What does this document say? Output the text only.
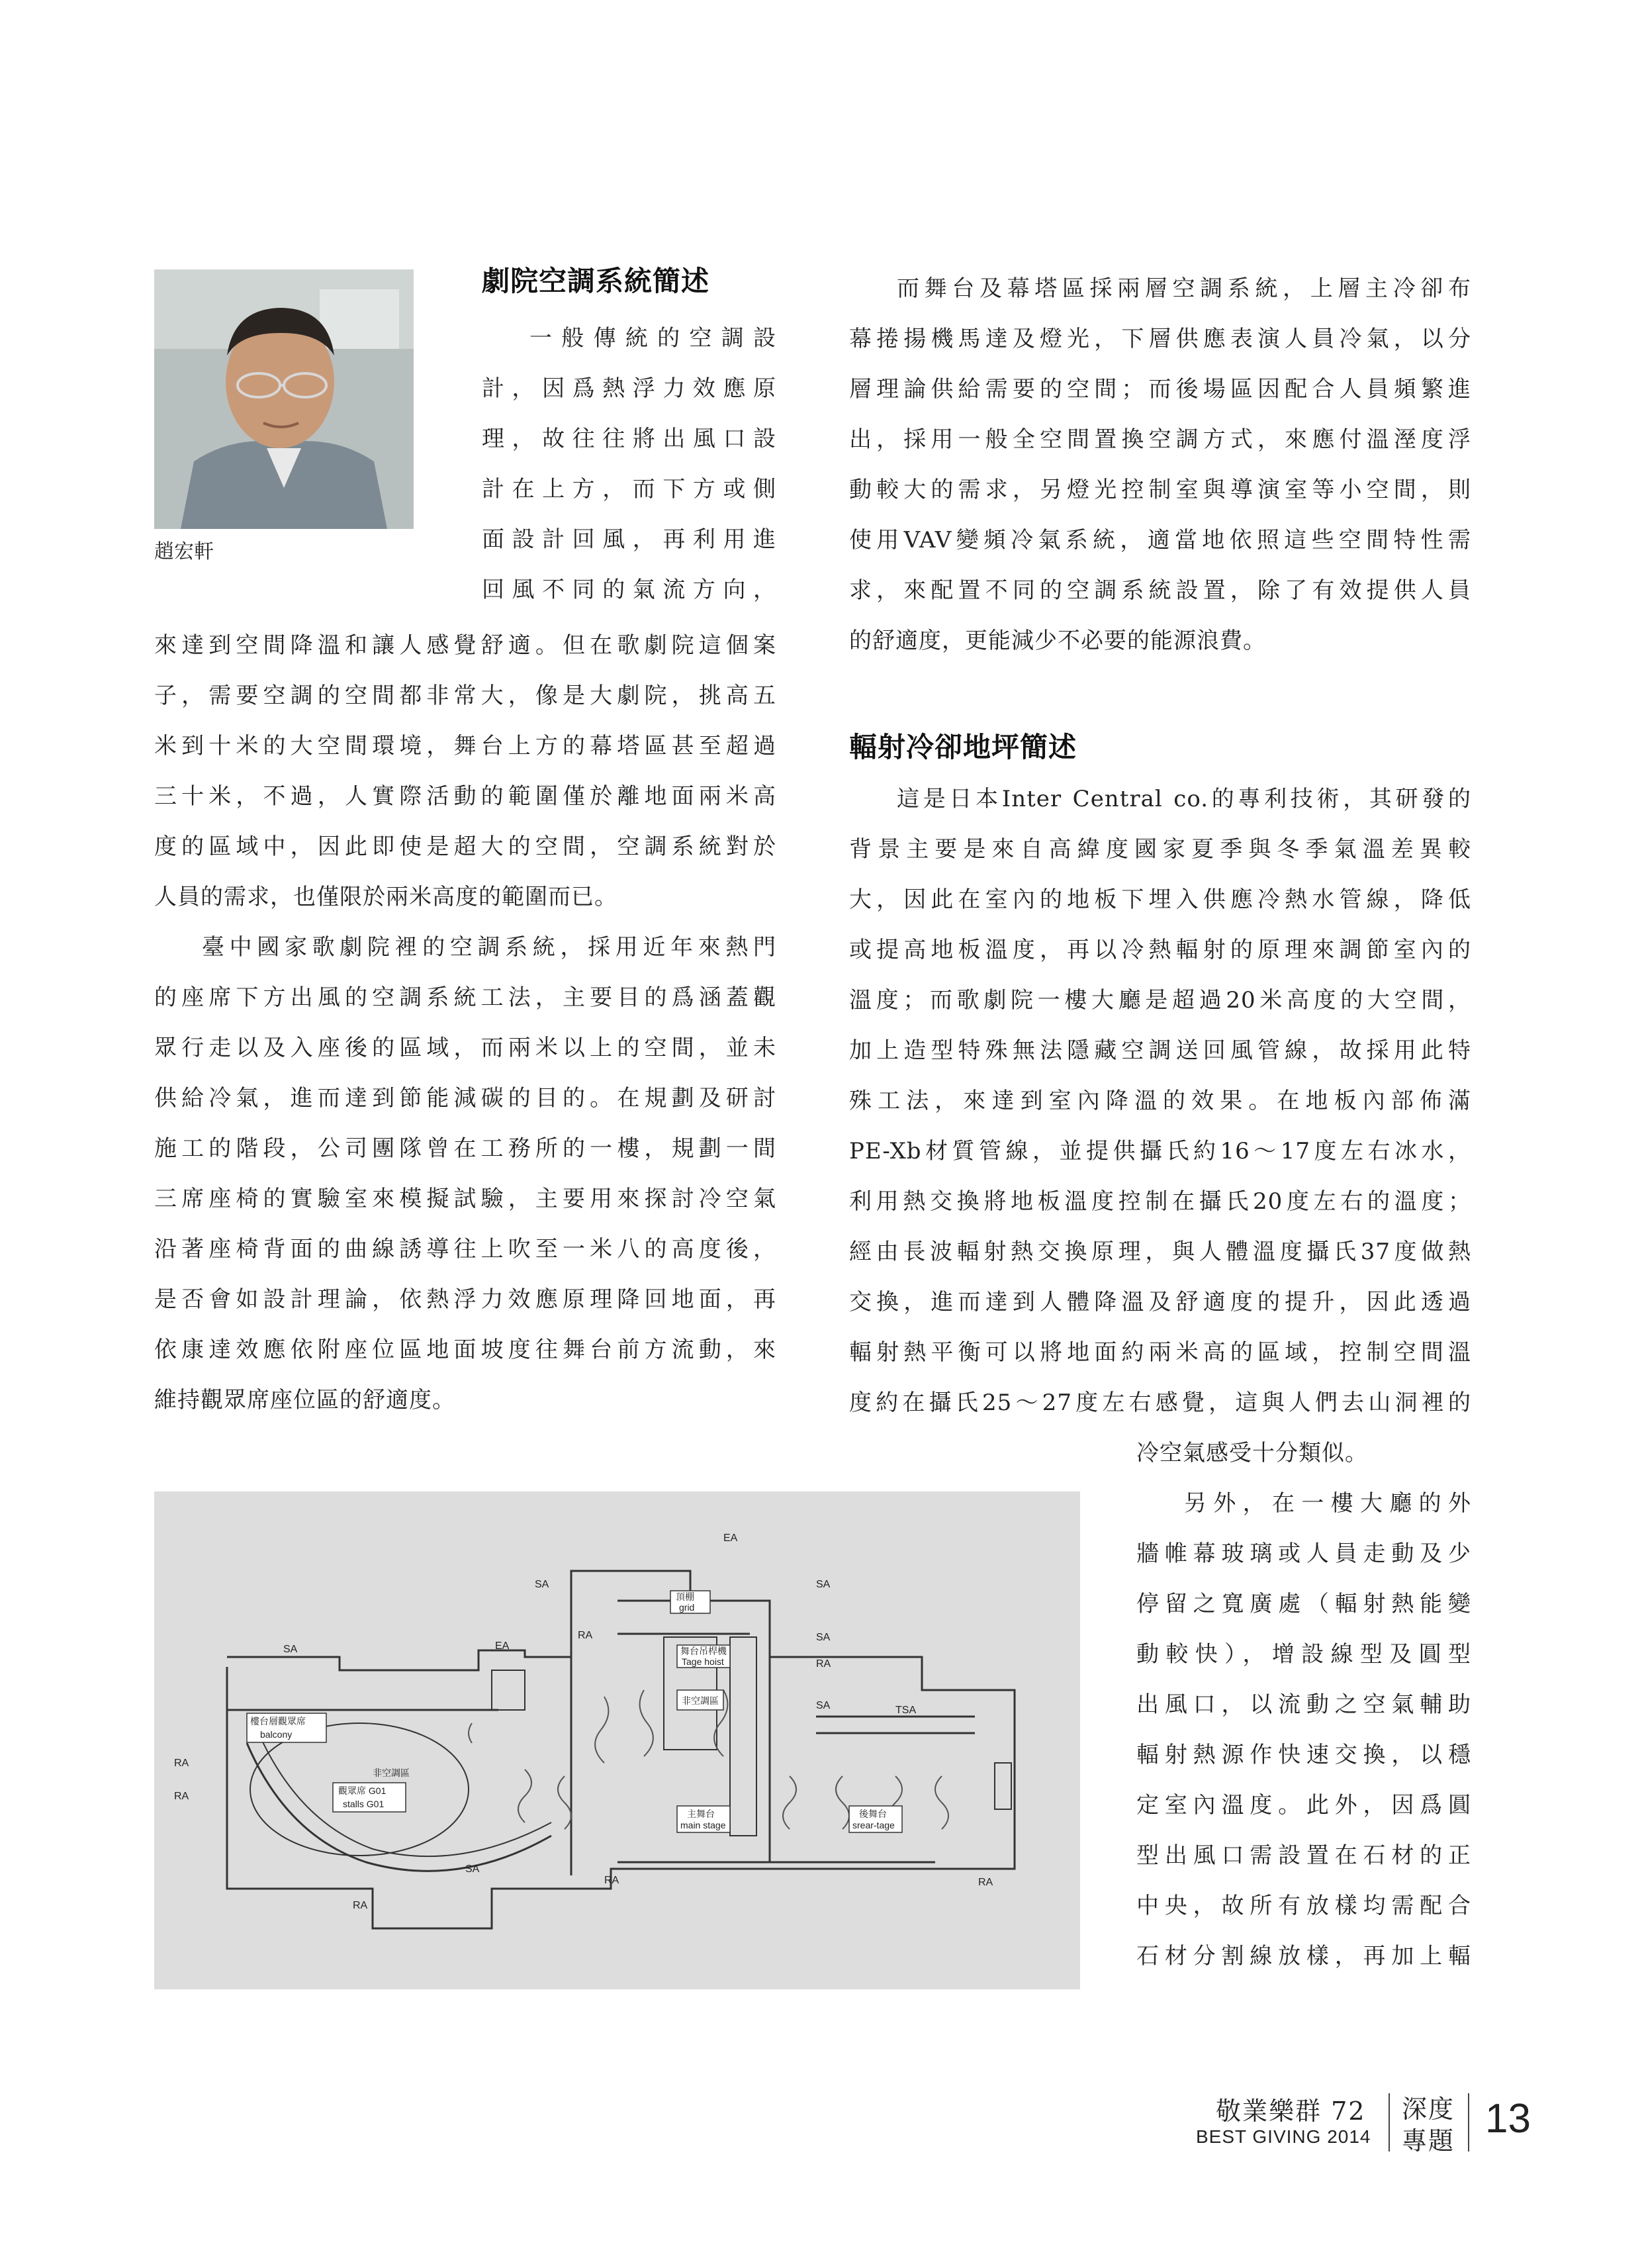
趙宏軒
劇院空調系統簡述

一般傳統的空調設

計，因爲熱浮力效應原

理，故往往將出風口設

計在上方，而下方或側

面設計回風，再利用進

回風不同的氣流方向，

來達到空間降溫和讓人感覺舒適。但在歌劇院這個案

子，需要空調的空間都非常大，像是大劇院，挑高五

米到十米的大空間環境，舞台上方的幕塔區甚至超過

三十米，不過，人實際活動的範圍僅於離地面兩米高

度的區域中，因此即使是超大的空間，空調系統對於

人員的需求，也僅限於兩米高度的範圍而已。

臺中國家歌劇院裡的空調系統，採用近年來熱門

的座席下方出風的空調系統工法，主要目的爲涵蓋觀

眾行走以及入座後的區域，而兩米以上的空間，並未

供給冷氣，進而達到節能減碳的目的。在規劃及研討

施工的階段，公司團隊曾在工務所的一樓，規劃一間

三席座椅的實驗室來模擬試驗，主要用來探討冷空氣

沿著座椅背面的曲線誘導往上吹至一米八的高度後，

是否會如設計理論，依熱浮力效應原理降回地面，再

依康達效應依附座位區地面坡度往舞台前方流動，來

維持觀眾席座位區的舒適度。

而舞台及幕塔區採兩層空調系統，上層主冷卻布

幕捲揚機馬達及燈光，下層供應表演人員冷氣，以分

層理論供給需要的空間；而後場區因配合人員頻繁進

出，採用一般全空間置換空調方式，來應付溫溼度浮

動較大的需求，另燈光控制室與導演室等小空間，則

使用VAV變頻冷氣系統，適當地依照這些空間特性需

求，來配置不同的空調系統設置，除了有效提供人員

的舒適度，更能減少不必要的能源浪費。

輻射冷卻地坪簡述

這是日本Inter Central co.的專利技術，其研發的

背景主要是來自高緯度國家夏季與冬季氣溫差異較

大，因此在室內的地板下埋入供應冷熱水管線，降低

或提高地板溫度，再以冷熱輻射的原理來調節室內的

溫度；而歌劇院一樓大廳是超過20米高度的大空間，

加上造型特殊無法隱藏空調送回風管線，故採用此特

殊工法，來達到室內降溫的效果。在地板內部佈滿

PE-Xb材質管線，並提供攝氏約16～17度左右冰水，

利用熱交換將地板溫度控制在攝氏20度左右的溫度；

經由長波輻射熱交換原理，與人體溫度攝氏37度做熱

交換，進而達到人體降溫及舒適度的提升，因此透過

輻射熱平衡可以將地面約兩米高的區域，控制空間溫

度約在攝氏25～27度左右感覺，這與人們去山洞裡的

冷空氣感受十分類似。

另外，在一樓大廳的外

牆帷幕玻璃或人員走動及少

停留之寬廣處（輻射熱能變

動較快），增設線型及圓型

出風口，以流動之空氣輔助

輻射熱源作快速交換，以穩

定室內溫度。此外，因爲圓

型出風口需設置在石材的正

中央，故所有放樣均需配合

石材分割線放樣，再加上輻

樓台層觀眾席
balcony
觀眾席 G01
stalls G01
非空調區
頂棚
grid
舞台吊桿機
Tage hoist
非空調區
主舞台
main stage
後舞台
srear-tage
SA
SA	SA
SA
SA
SA
RA
RA
RA
RA
RA	RA
RA
EA
EA
TSA
敬業樂群 72
BEST GIVING 2014
深度
專題 13
